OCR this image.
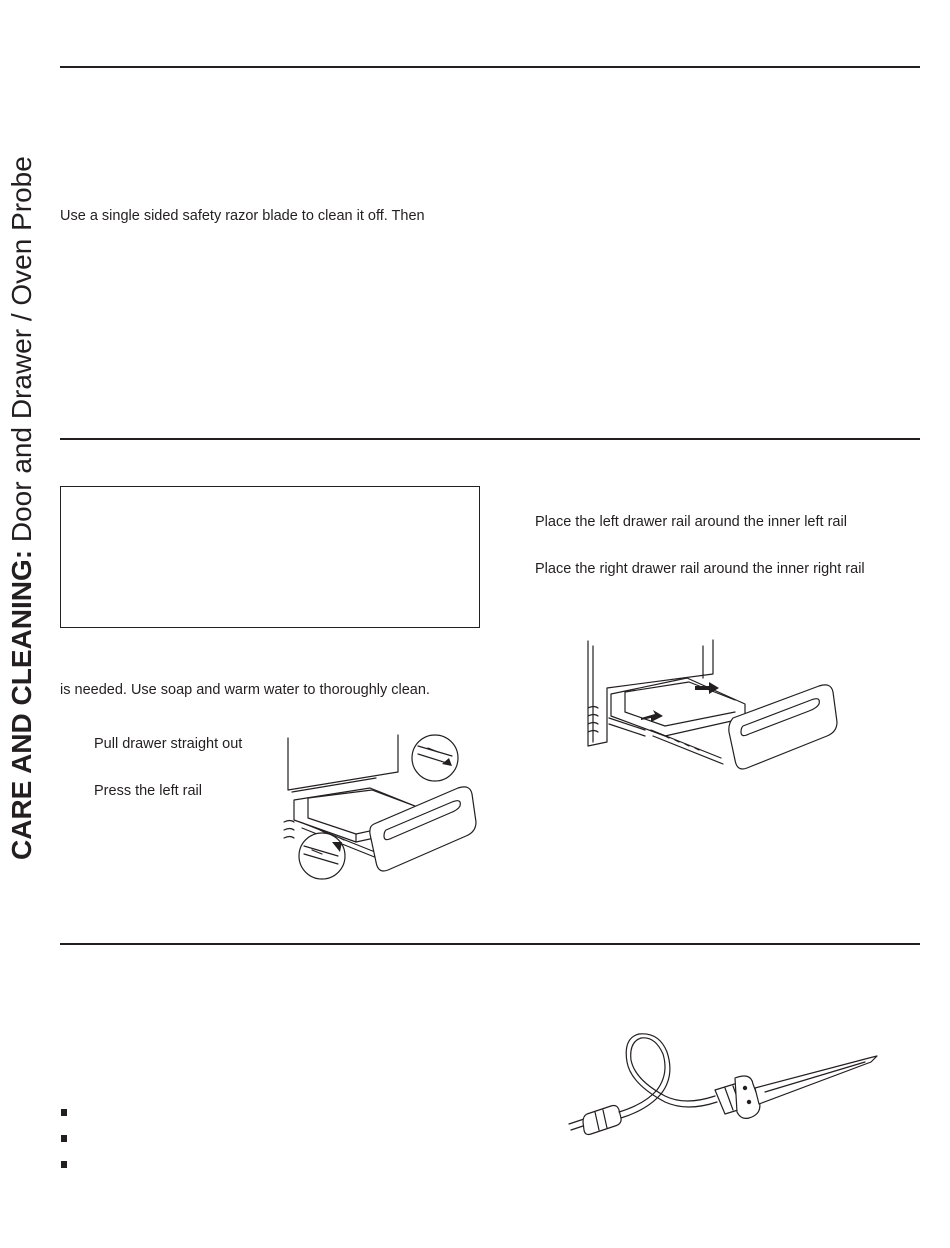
CARE AND CLEANING: Door and Drawer / Oven Probe	Use a single sided safety razor blade to clean it off. Then
is needed. Use soap and warm water to thoroughly clean.
Pull drawer straight out
Press the left rail
Place the left drawer rail around the inner left rail
Place the right drawer rail around the inner right rail
